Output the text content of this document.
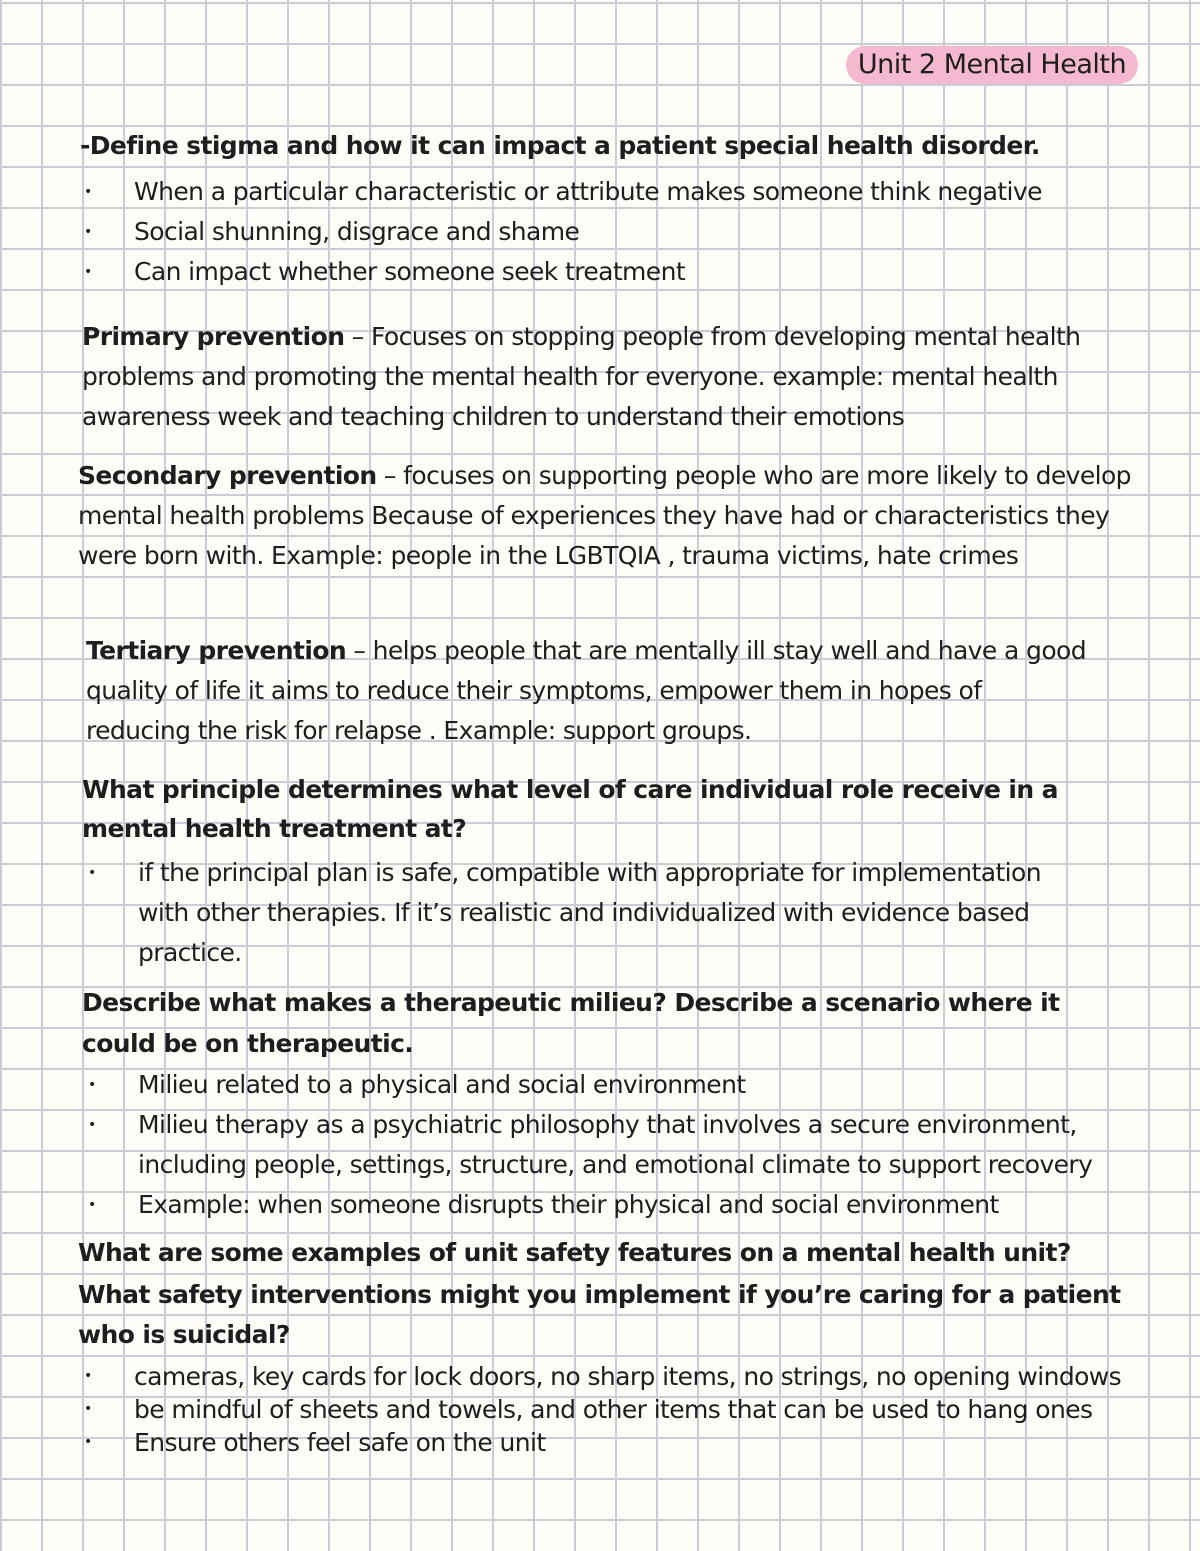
Unit 2 Mental Health
-Define stigma and how it can impact a patient special health disorder.
• When a particular characteristic or attribute makes someone think negative
• Social shunning, disgrace and shame
• Can impact whether someone seek treatment
Primary prevention – Focuses on stopping people from developing mental health problems and promoting the mental health for everyone. example: mental health awareness week and teaching children to understand their emotions
Secondary prevention – focuses on supporting people who are more likely to develop mental health problems Because of experiences they have had or characteristics they were born with. Example: people in the LGBTQIA , trauma victims, hate crimes
Tertiary prevention – helps people that are mentally ill stay well and have a good quality of life it aims to reduce their symptoms, empower them in hopes of reducing the risk for relapse . Example: support groups.
What principle determines what level of care individual role receive in a
mental health treatment at?
• if the principal plan is safe, compatible with appropriate for implementation with other therapies. If it’s realistic and individualized with evidence based practice.
Describe what makes a therapeutic milieu? Describe a scenario where it
could be on therapeutic.
• Milieu related to a physical and social environment
• Milieu therapy as a psychiatric philosophy that involves a secure environment, including people, settings, structure, and emotional climate to support recovery
• Example: when someone disrupts their physical and social environment
What are some examples of unit safety features on a mental health unit?
What safety interventions might you implement if you’re caring for a patient
who is suicidal?
• cameras, key cards for lock doors, no sharp items, no strings, no opening windows
• be mindful of sheets and towels, and other items that can be used to hang ones
• Ensure others feel safe on the unit
